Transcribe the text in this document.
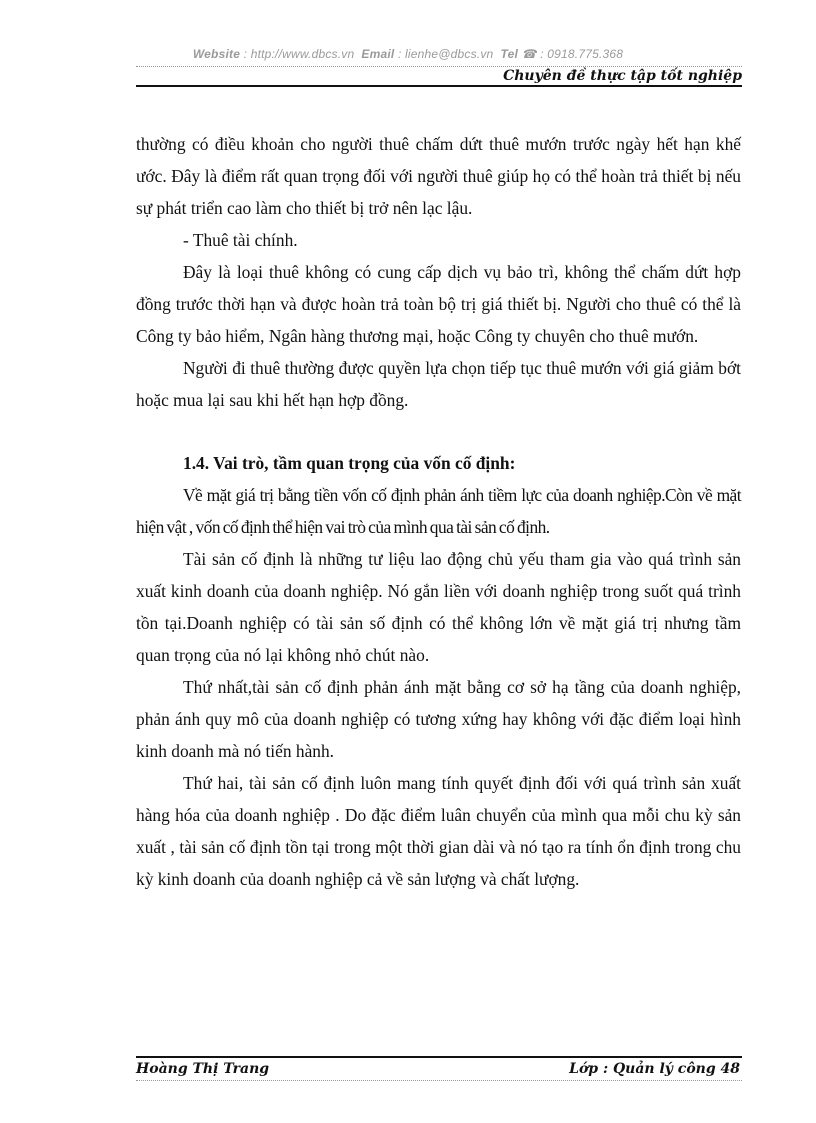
Website : http://www.dbcs.vn Email : lienhe@dbcs.vn Tel ☎ : 0918.775.368
Chuyên đề thực tập tốt nghiệp

thường có điều khoản cho người thuê chấm dứt thuê mướn trước ngày hết hạn khế ước. Đây là điểm rất quan trọng đối với người thuê giúp họ có thể hoàn trả thiết bị nếu sự phát triển cao làm cho thiết bị trở nên lạc lậu.

- Thuê tài chính.

Đây là loại thuê không có cung cấp dịch vụ bảo trì, không thể chấm dứt hợp đồng trước thời hạn và được hoàn trả toàn bộ trị giá thiết bị. Người cho thuê có thể là Công ty bảo hiểm, Ngân hàng thương mại, hoặc Công ty chuyên cho thuê mướn.

Người đi thuê thường được quyền lựa chọn tiếp tục thuê mướn với giá giảm bớt hoặc mua lại sau khi hết hạn hợp đồng.

1.4. Vai trò, tầm quan trọng của vốn cố định:

Về mặt giá trị bằng tiền vốn cố định phản ánh tiềm lực của doanh nghiệp.Còn về mặt hiện vật , vốn cố định thể hiện vai trò của mình qua tài sản cố định.

Tài sản cố định là những tư liệu lao động chủ yếu tham gia vào quá trình sản xuất kinh doanh của doanh nghiệp. Nó gắn liền với doanh nghiệp trong suốt quá trình tồn tại.Doanh nghiệp có tài sản số định có thể không lớn về mặt giá trị nhưng tầm quan trọng của nó lại không nhỏ chút nào.

Thứ nhất,tài sản cố định phản ánh mặt bằng cơ sở hạ tầng của doanh nghiệp, phản ánh quy mô của doanh nghiệp có tương xứng hay không với đặc điểm loại hình kinh doanh mà nó tiến hành.

Thứ hai, tài sản cố định luôn mang tính quyết định đối với quá trình sản xuất hàng hóa của doanh nghiệp . Do đặc điểm luân chuyển của mình qua mỗi chu kỳ sản xuất , tài sản cố định tồn tại trong một thời gian dài và nó tạo ra tính ổn định trong chu kỳ kinh doanh của doanh nghiệp cả về sản lượng và chất lượng.

Hoàng Thị Trang	Lớp : Quản lý công 48
